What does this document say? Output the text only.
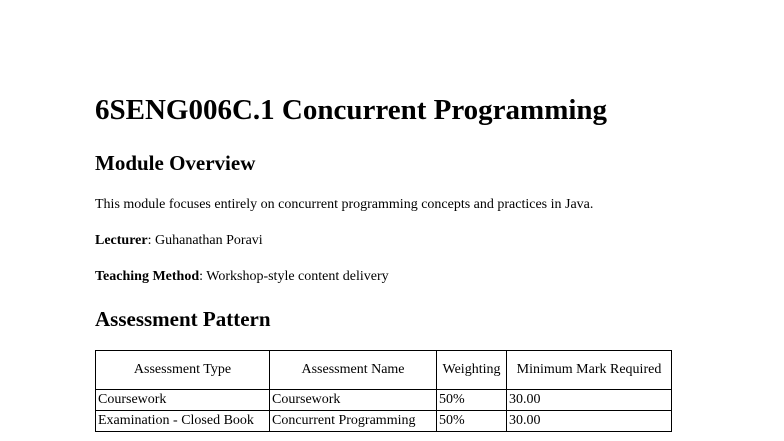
6SENG006C.1 Concurrent Programming
Module Overview

This module focuses entirely on concurrent programming concepts and practices in Java.

Lecturer: Guhanathan Poravi

Teaching Method: Workshop-style content delivery

Assessment Pattern
Assessment Type	Assessment Name	Weighting	Minimum Mark Required
Coursework	Coursework	50%	30.00
Examination - Closed Book	Concurrent Programming	50%	30.00
